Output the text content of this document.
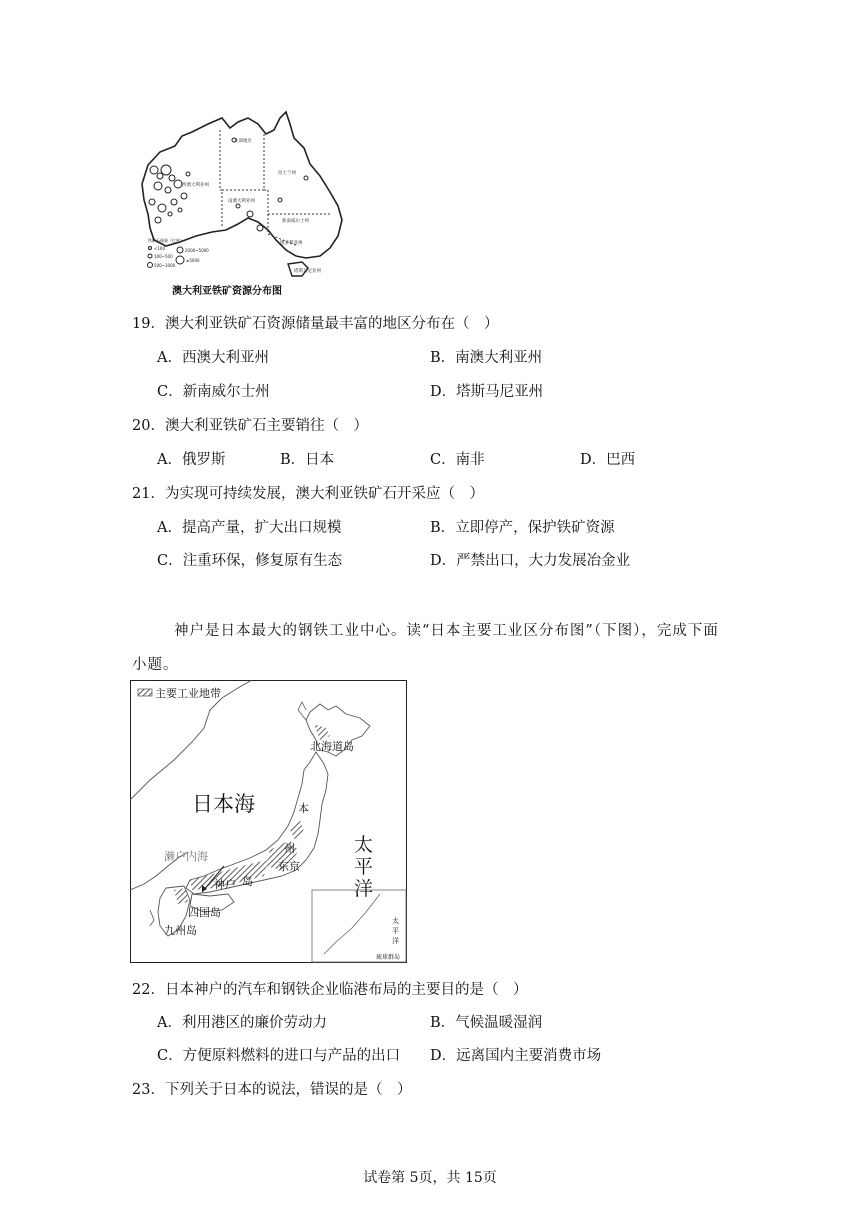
北部地区
西澳大利亚州
昆士兰州
南澳大利亚州
新南威尔士州
维多利亚州
塔斯马尼亚州
铁矿石储量（亿吨）
<100
100~500
500~1000
2000~5000
≥5000
澳大利亚铁矿资源分布图
19．澳大利亚铁矿石资源储量最丰富的地区分布在（　）
A．西澳大利亚州	B．南澳大利亚州
C．新南威尔士州	D．塔斯马尼亚州
20．澳大利亚铁矿石主要销往（　）
A．俄罗斯	B．日本	C．南非	D．巴西
21．为实现可持续发展，澳大利亚铁矿石开采应（　）
A．提高产量，扩大出口规模	B．立即停产，保护铁矿资源
C．注重环保，修复原有生态	D．严禁出口，大力发展冶金业
神户是日本最大的钢铁工业中心。读“日本主要工业区分布图”（下图），完成下面小题。
主要工业地带
日本海
北海道岛
本
州
岛
东京
神户
濑户内海
四国岛
九州岛
太
平
洋
太
平
洋
琉球群岛
22．日本神户的汽车和钢铁企业临港布局的主要目的是（　）
A．利用港区的廉价劳动力	B．气候温暖湿润
C．方便原料燃料的进口与产品的出口 D．远离国内主要消费市场
23．下列关于日本的说法，错误的是（　）
试卷第 5页，共 15页
